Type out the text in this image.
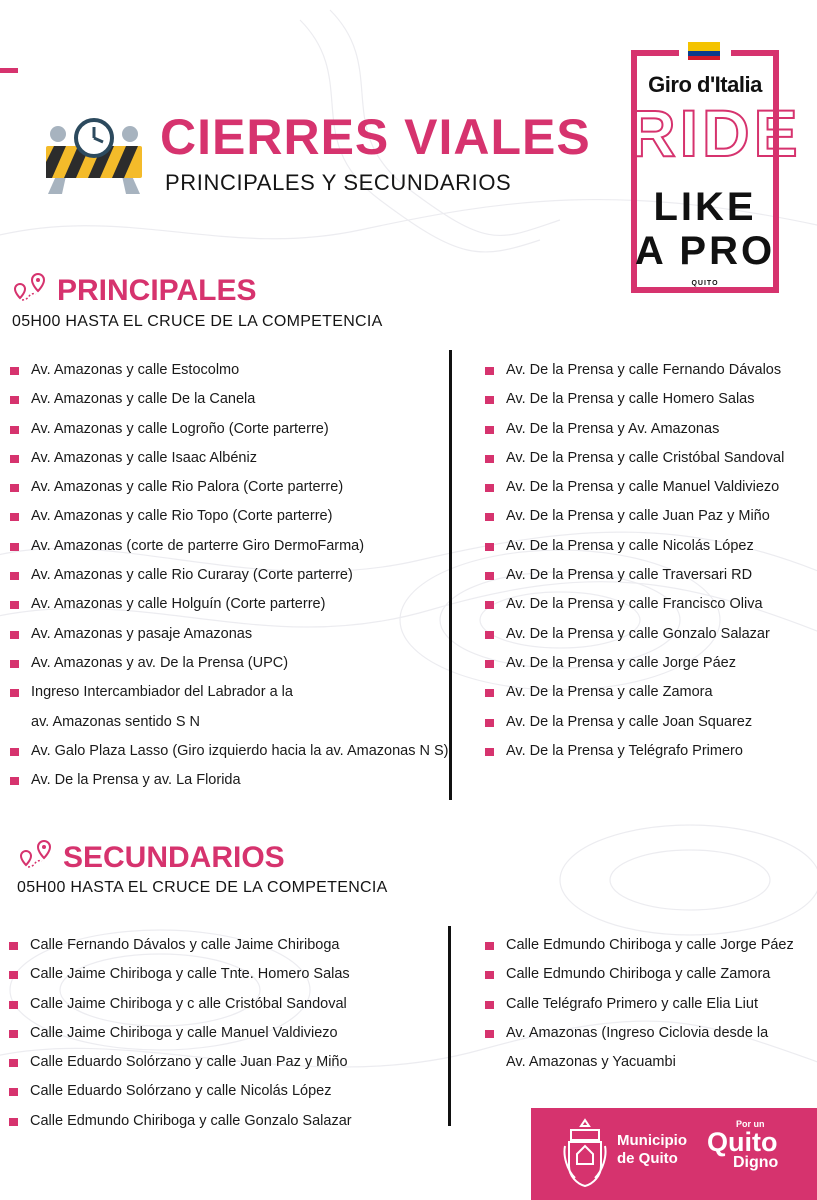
CIERRES VIALES
PRINCIPALES Y SECUNDARIOS
Giro d'Italia
RIDE
LIKE
A PRO
QUITO
PRINCIPALES
05H00 HASTA EL CRUCE DE LA COMPETENCIA
Av. Amazonas y calle Estocolmo
Av. Amazonas y calle De la Canela
Av. Amazonas y calle Logroño (Corte parterre)
Av. Amazonas y calle Isaac Albéniz
Av. Amazonas y calle Rio Palora (Corte parterre)
Av. Amazonas y calle Rio Topo (Corte parterre)
Av. Amazonas (corte de parterre Giro DermoFarma)
Av. Amazonas y calle Rio Curaray (Corte parterre)
Av. Amazonas y calle Holguín (Corte parterre)
Av. Amazonas y pasaje Amazonas
Av. Amazonas y av. De la Prensa (UPC)
Ingreso Intercambiador del Labrador a la
av. Amazonas sentido S N
Av. Galo Plaza Lasso (Giro izquierdo hacia la av. Amazonas N S)
Av. De la Prensa y av. La Florida
Av. De la Prensa y calle Fernando Dávalos
Av. De la Prensa y calle Homero Salas
Av. De la Prensa y Av. Amazonas
Av. De la Prensa y calle Cristóbal Sandoval
Av. De la Prensa y calle Manuel Valdiviezo
Av. De la Prensa y calle Juan Paz y Miño
Av. De la Prensa y calle Nicolás López
Av. De la Prensa y calle Traversari RD
Av. De la Prensa y calle Francisco Oliva
Av. De la Prensa y calle Gonzalo Salazar
Av. De la Prensa y calle Jorge Páez
Av. De la Prensa y calle Zamora
Av. De la Prensa y calle Joan Squarez
Av. De la Prensa y Telégrafo Primero
SECUNDARIOS
05H00 HASTA EL CRUCE DE LA COMPETENCIA
Calle Fernando Dávalos y calle Jaime Chiriboga
Calle Jaime Chiriboga y calle Tnte. Homero Salas
Calle Jaime Chiriboga y c alle Cristóbal Sandoval
Calle Jaime Chiriboga y calle Manuel Valdiviezo
Calle Eduardo Solórzano y calle Juan Paz y Miño
Calle Eduardo Solórzano y calle Nicolás López
Calle Edmundo Chiriboga y calle Gonzalo Salazar
Calle Edmundo Chiriboga y calle Jorge Páez
Calle Edmundo Chiriboga y calle Zamora
Calle Telégrafo Primero y calle Elia Liut
Av. Amazonas (Ingreso Ciclovia desde la
Av. Amazonas y Yacuambi
Municipio
de Quito
Por un
Quito
Digno
